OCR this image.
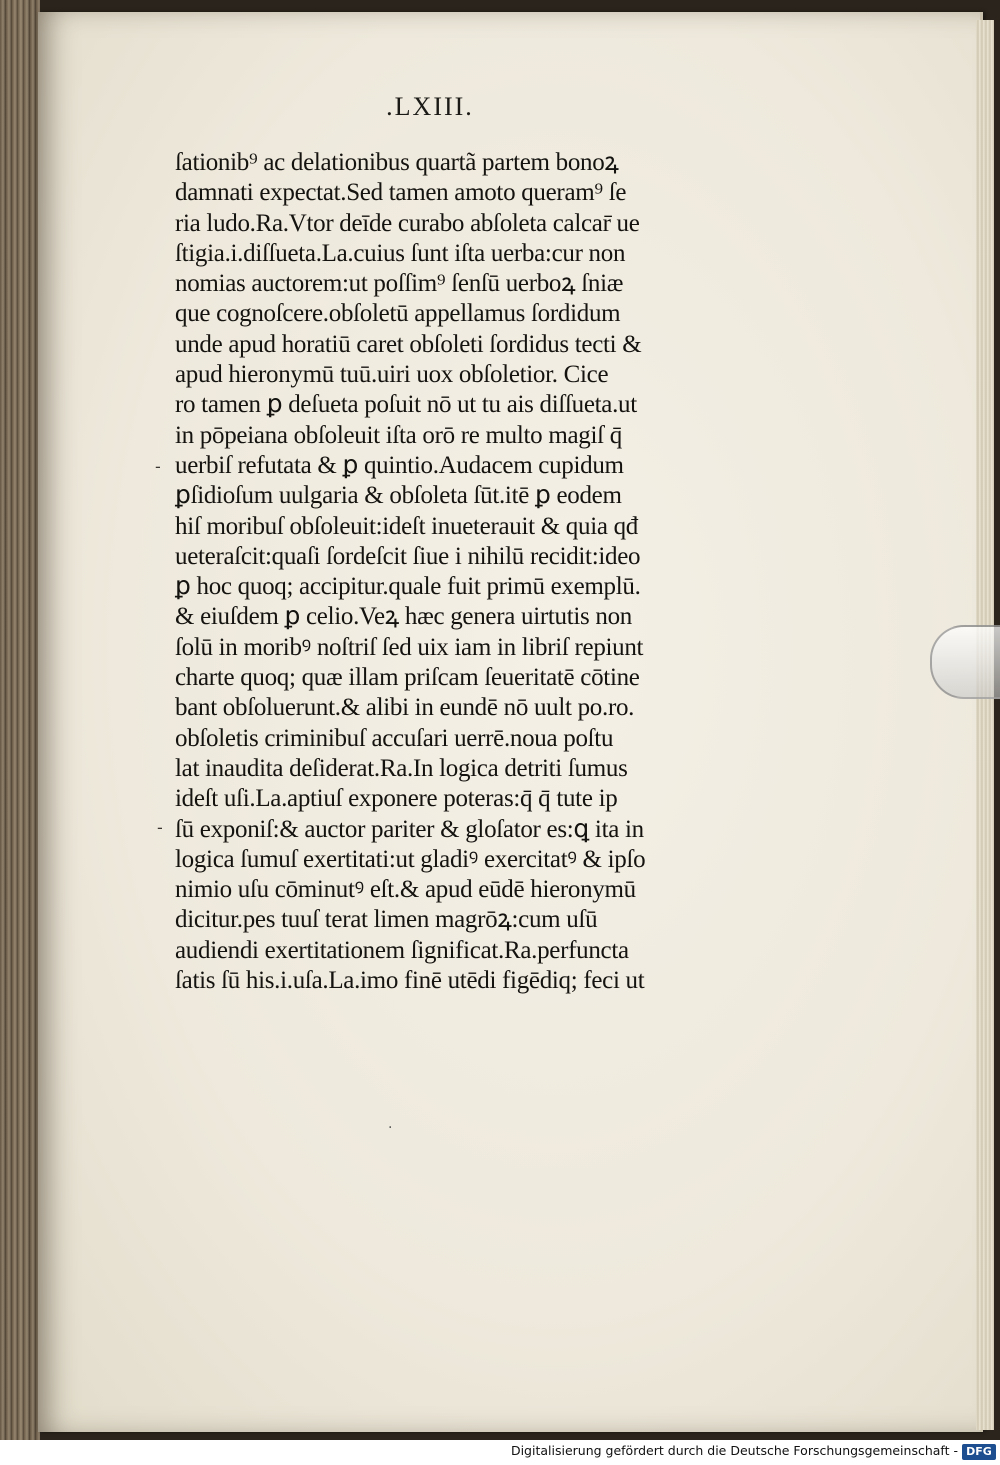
.LXIII.
ſationib⁹ ac delationibus quartã partem bonoꝝ
damnati expectat.Sed tamen amoto queram⁹ ſe
ria ludo.Ra.Vtor deīde curabo abſoleta calcar̄ ue
ſtigia.i.diſſueta.La.cuius ſunt iſta uerba:cur non
nomias auctorem:ut poſſim⁹ ſenſū uerboꝝ ſniæ
que cognoſcere.obſoletū appellamus ſordidum
unde apud horatiū caret obſoleti ſordidus tecti &
apud hieronymū tuū.uiri uox obſoletior. Cice
ro tamen ꝑ deſueta poſuit nō ut tu ais diſſueta.ut
in pōpeiana obſoleuit iſta orō re multo magiſ q̄
uerbiſ refutata & ꝑ quintio.Audacem cupidum
ꝑſidioſum uulgaria & obſoleta ſūt.itē ꝑ eodem
hiſ moribuſ obſoleuit:ideſt inueterauit & quia qđ
ueteraſcit:quaſi ſordeſcit ſiue i nihilū recidit:ideo
ꝑ hoc quoq; accipitur.quale fuit primū exemplū.
& eiuſdem ꝑ celio.Veꝝ hæc genera uirtutis non
ſolū in moribꝰ noſtriſ ſed uix iam in libriſ repiunt
charte quoq; quæ illam priſcam ſeueritatē cōtine
bant obſoluerunt.& alibi in eundē nō uult po.ro.
obſoletis criminibuſ accuſari uerrē.noua poſtu
lat inaudita deſiderat.Ra.In logica detriti ſumus
ideſt uſi.La.aptiuſ exponere poteras:q̄ q̄ tute ip
ſū exponiſ:& auctor pariter & gloſator es:ꝗ ita in
logica ſumuſ exertitati:ut gladiꝰ exercitatꝰ & ipſo
nimio uſu cōminutꝰ eſt.& apud eūdē hieronymū
dicitur.pes tuuſ terat limen magrōꝝ:cum uſū
audiendi exertitationem ſignificat.Ra.perfuncta
ſatis ſū his.i.uſa.La.imo finē utēdi figēdiq; feci ut
-
-
·
Digitalisierung gefördert durch die Deutsche Forschungsgemeinschaft - DFG
